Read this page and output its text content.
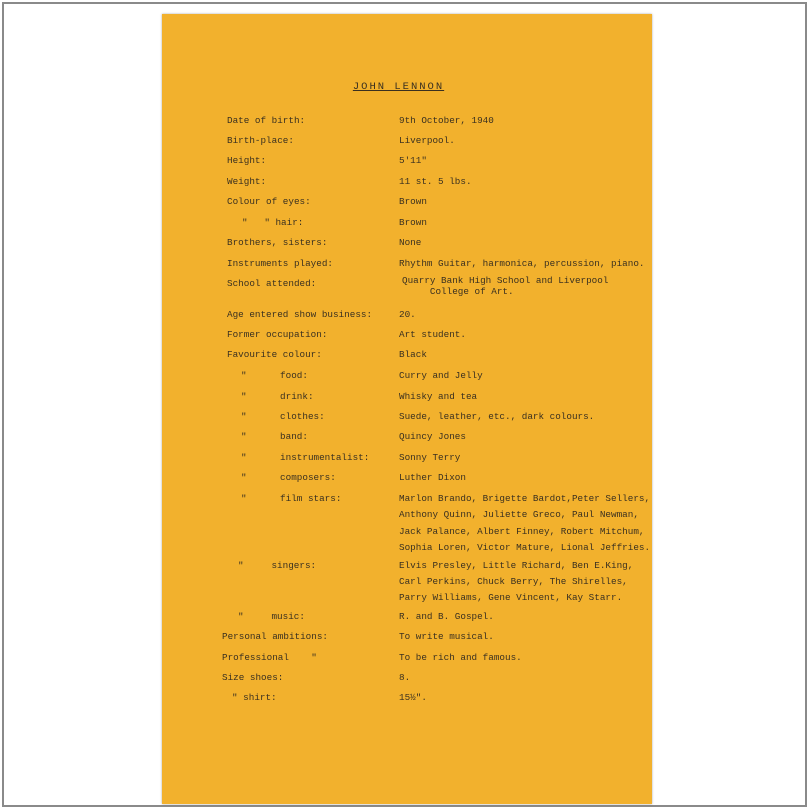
JOHN LENNON
Date of birth:	9th October, 1940
Birth-place:	Liverpool.
Height:	5'11"
Weight:	11 st. 5 lbs.
Colour of eyes:	Brown
"   " hair:	Brown
Brothers, sisters:	None
Instruments played:	Rhythm Guitar, harmonica, percussion, piano.
School attended:	Quarry Bank High School and Liverpool
College of Art.
Age entered show business:	20.
Former occupation:	Art student.
Favourite colour:	Black
"      food:	Curry and Jelly
"      drink:	Whisky and tea
"      clothes:	Suede, leather, etc., dark colours.
"      band:	Quincy Jones
"      instrumentalist:	Sonny Terry
"      composers:	Luther Dixon
"      film stars:	Marlon Brando, Brigette Bardot,Peter Sellers,
Anthony Quinn, Juliette Greco, Paul Newman,
Jack Palance, Albert Finney, Robert Mitchum,
Sophia Loren, Victor Mature, Lional Jeffries.
"     singers:	Elvis Presley, Little Richard, Ben E.King,
Carl Perkins, Chuck Berry, The Shirelles,
Parry Williams, Gene Vincent, Kay Starr.
"     music:	R. and B. Gospel.
Personal ambitions:	To write musical.
Professional    "	To be rich and famous.
Size shoes:	8.
" shirt:	15½".
